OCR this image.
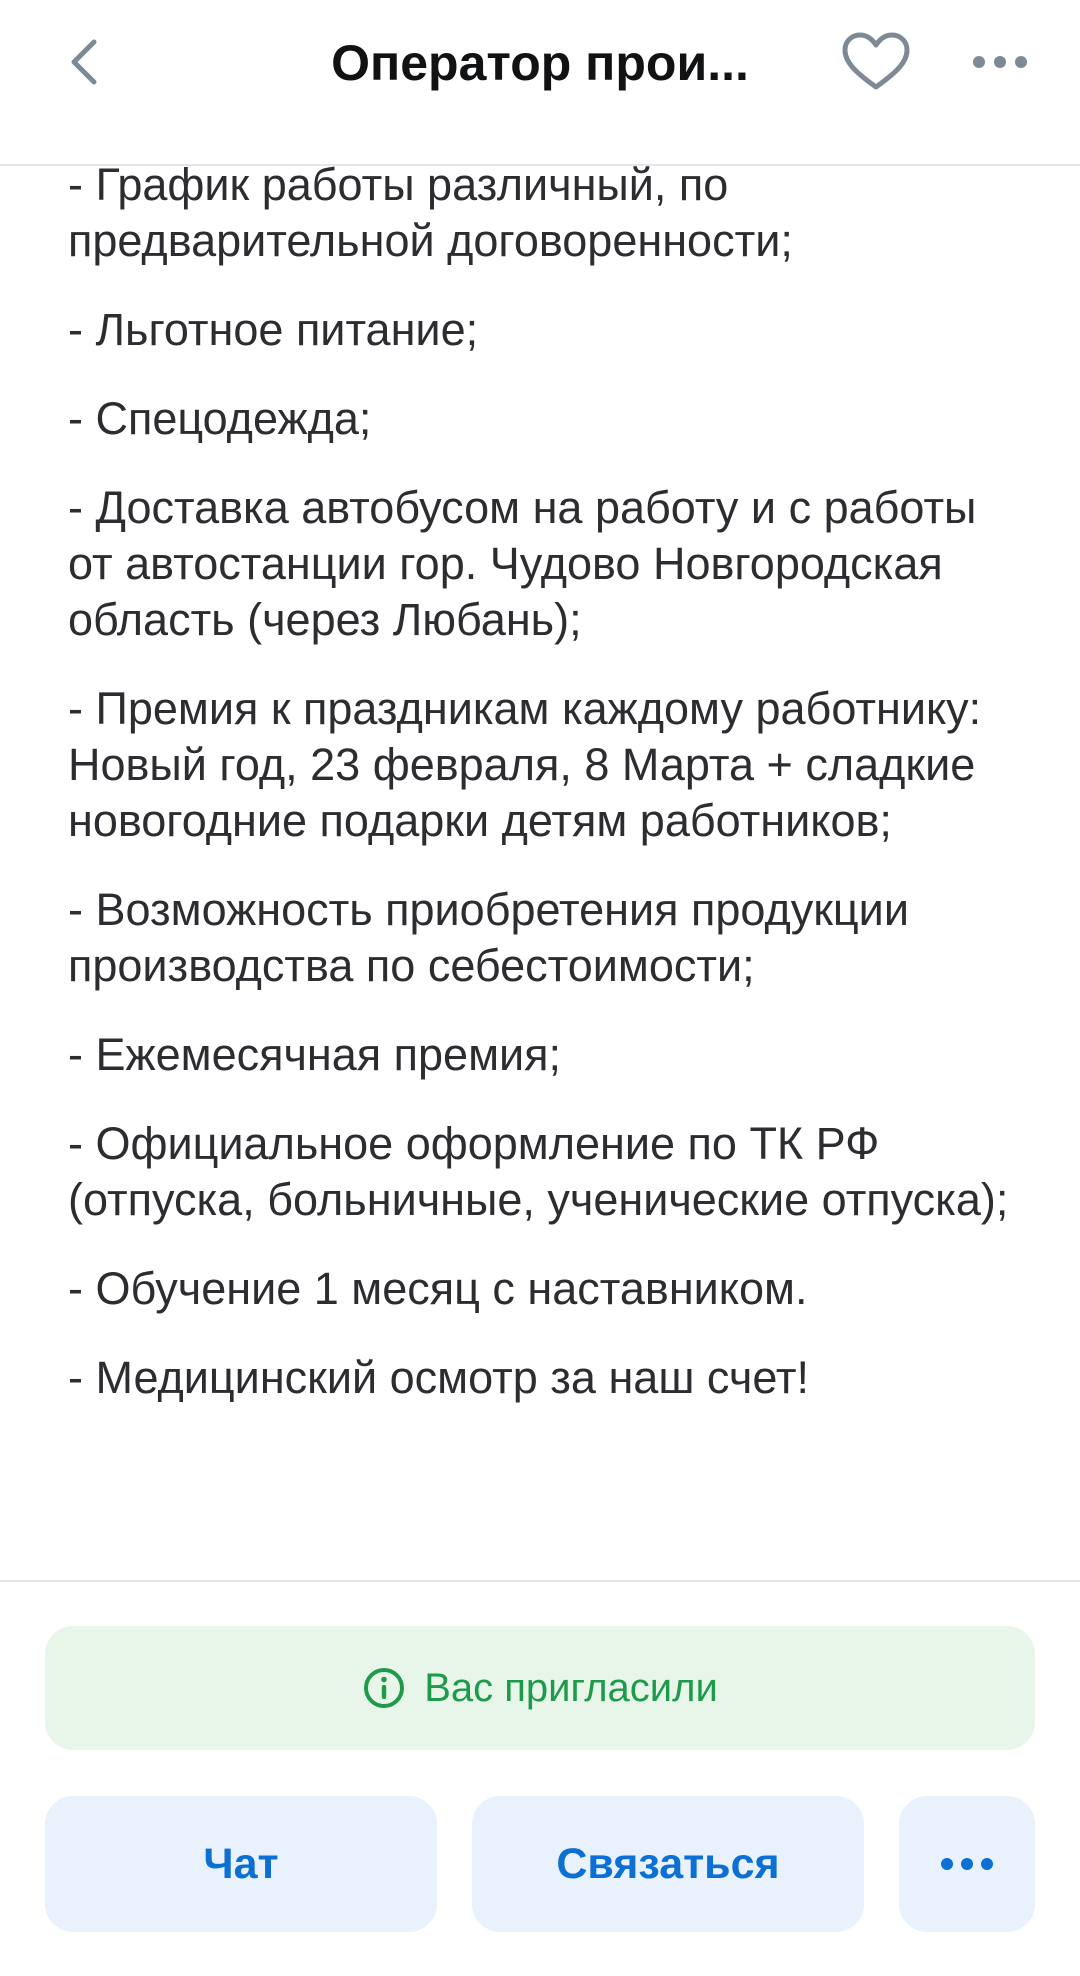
Оператор прои...

- График работы различный, по предварительной договоренности;

- Льготное питание;

- Спецодежда;

- Доставка автобусом на работу и с работы от автостанции гор. Чудово Новгородская область (через Любань);

- Премия к праздникам каждому работнику: Новый год, 23 февраля, 8 Марта + сладкие новогодние подарки детям работников;

- Возможность приобретения продукции производства по себестоимости;

- Ежемесячная премия;

- Официальное оформление по ТК РФ (отпуска, больничные, ученические отпуска);

- Обучение 1 месяц с наставником.

- Медицинский осмотр за наш счет!

Вас пригласили
Чат	Связаться
